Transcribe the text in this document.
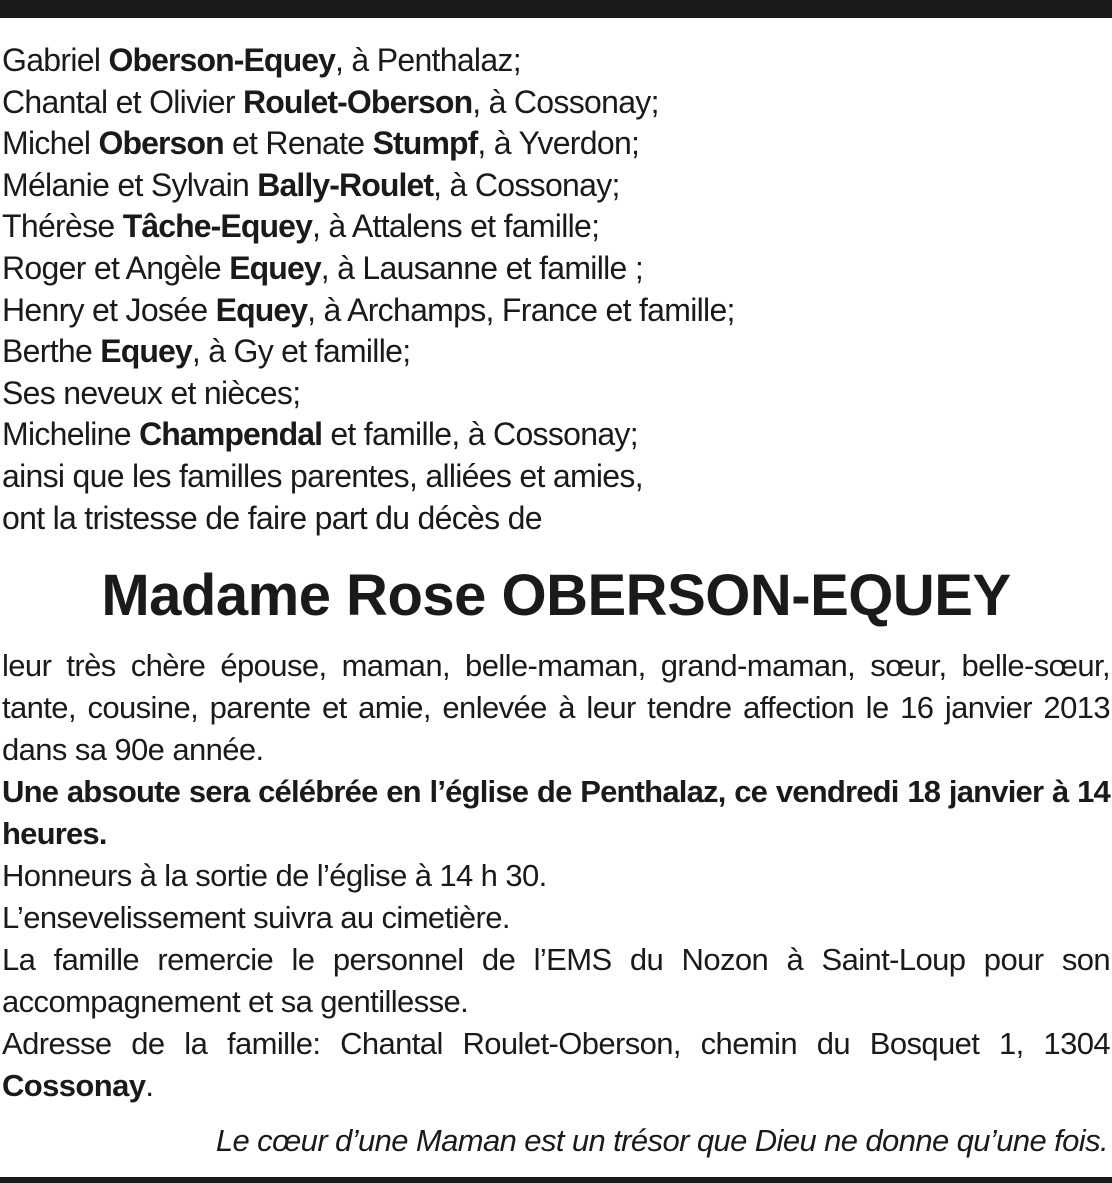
Gabriel Oberson-Equey, à Penthalaz;
Chantal et Olivier Roulet-Oberson, à Cossonay;
Michel Oberson et Renate Stumpf, à Yverdon;
Mélanie et Sylvain Bally-Roulet, à Cossonay;
Thérèse Tâche-Equey, à Attalens et famille;
Roger et Angèle Equey, à Lausanne et famille ;
Henry et Josée Equey, à Archamps, France et famille;
Berthe Equey, à Gy et famille;
Ses neveux et nièces;
Micheline Champendal et famille, à Cossonay;
ainsi que les familles parentes, alliées et amies,
ont la tristesse de faire part du décès de
Madame Rose OBERSON-EQUEY

leur très chère épouse, maman, belle-maman, grand-maman, sœur, belle-sœur, tante, cousine, parente et amie, enlevée à leur tendre affection le 16 janvier 2013 dans sa 90e année.

Une absoute sera célébrée en l’église de Penthalaz, ce vendredi 18 janvier à 14 heures.

Honneurs à la sortie de l’église à 14 h 30.

L’ensevelissement suivra au cimetière.

La famille remercie le personnel de l’EMS du Nozon à Saint-Loup pour son accompagnement et sa gentillesse.

Adresse de la famille: Chantal Roulet-Oberson, chemin du Bosquet 1, 1304 Cossonay.

Le cœur d’une Maman est un trésor que Dieu ne donne qu’une fois.
